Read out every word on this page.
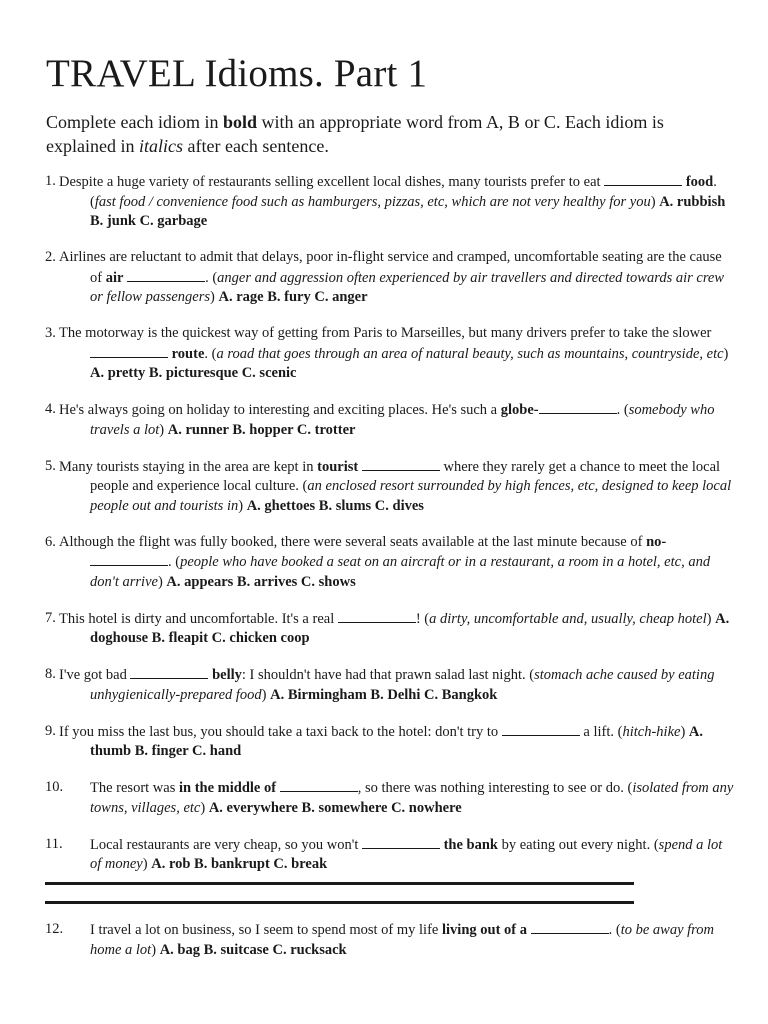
TRAVEL Idioms. Part 1

Complete each idiom in bold with an appropriate word from A, B or C. Each idiom is explained in italics after each sentence.

1. Despite a huge variety of restaurants selling excellent local dishes, many tourists prefer to eat	food. (fast food / convenience food such as hamburgers, pizzas, etc, which are not very healthy for you) A. rubbish B. junk C. garbage
2. Airlines are reluctant to admit that delays, poor in-flight service and cramped, uncomfortable seating are the cause of air	. (anger and aggression often experienced by air travellers and directed towards air crew or fellow passengers) A. rage B. fury C. anger
3. The motorway is the quickest way of getting from Paris to Marseilles, but many drivers prefer to take the slower  route. (a road that goes through an area of natural beauty, such as mountains, countryside, etc) A. pretty B. picturesque C. scenic
4. He's always going on holiday to interesting and exciting places. He's such a globe-	. (somebody who travels a lot) A. runner B. hopper C. trotter
5. Many tourists staying in the area are kept in tourist	where they rarely get a chance to meet the local people and experience local culture. (an enclosed resort surrounded by high fences, etc, designed to keep local people out and tourists in) A. ghettoes B. slums C. dives
6. Although the flight was fully booked, there were several seats available at the last minute because of no-. (people who have booked a seat on an aircraft or in a restaurant, a room in a hotel, etc, and don't arrive) A. appears B. arrives C. shows
7. This hotel is dirty and uncomfortable. It's a real	! (a dirty, uncomfortable and, usually, cheap hotel) A. doghouse B. fleapit C. chicken coop
8. I've got bad	belly: I shouldn't have had that prawn salad last night. (stomach ache caused by eating unhygienically-prepared food) A. Birmingham B. Delhi C. Bangkok
9. If you miss the last bus, you should take a taxi back to the hotel: don't try to	a lift. (hitch-hike) A. thumb B. finger C. hand
10. The resort was in the middle of	, so there was nothing interesting to see or do. (isolated from any towns, villages, etc) A. everywhere B. somewhere C. nowhere
11. Local restaurants are very cheap, so you won't	the bank by eating out every night. (spend a lot of money) A. rob B. bankrupt C. break
12. I travel a lot on business, so I seem to spend most of my life living out of a	. (to be away from home a lot) A. bag B. suitcase C. rucksack
